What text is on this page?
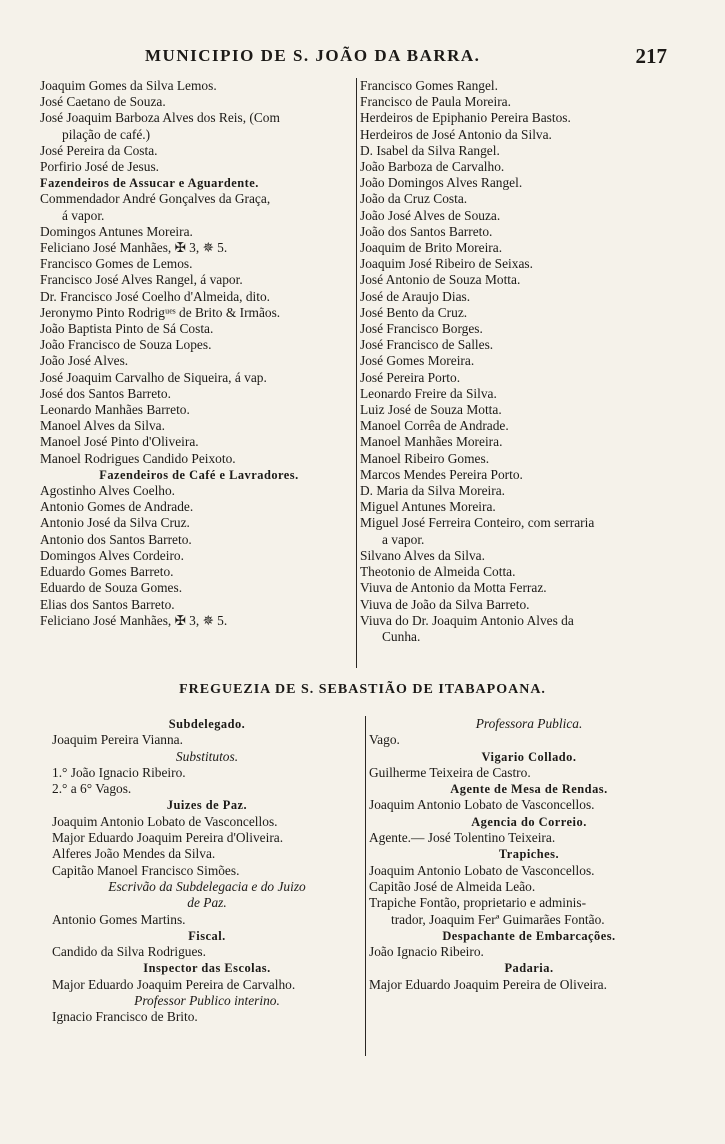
MUNICIPIO DE S. JOÃO DA BARRA.	217
Joaquim Gomes da Silva Lemos.
José Caetano de Souza.
José Joaquim Barboza Alves dos Reis, (Com
pilação de café.)
José Pereira da Costa.
Porfirio José de Jesus.
Fazendeiros de Assucar e Aguardente.
Commendador André Gonçalves da Graça,
á vapor.
Domingos Antunes Moreira.
Feliciano José Manhães, ✠ 3, ✵ 5.
Francisco Gomes de Lemos.
Francisco José Alves Rangel, á vapor.
Dr. Francisco José Coelho d'Almeida, dito.
Jeronymo Pinto Rodrigᵘᵉˢ de Brito & Irmãos.
João Baptista Pinto de Sá Costa.
João Francisco de Souza Lopes.
João José Alves.
José Joaquim Carvalho de Siqueira, á vap.
José dos Santos Barreto.
Leonardo Manhães Barreto.
Manoel Alves da Silva.
Manoel José Pinto d'Oliveira.
Manoel Rodrigues Candido Peixoto.
Fazendeiros de Café e Lavradores.
Agostinho Alves Coelho.
Antonio Gomes de Andrade.
Antonio José da Silva Cruz.
Antonio dos Santos Barreto.
Domingos Alves Cordeiro.
Eduardo Gomes Barreto.
Eduardo de Souza Gomes.
Elias dos Santos Barreto.
Feliciano José Manhães, ✠ 3, ✵ 5.
Francisco Gomes Rangel.
Francisco de Paula Moreira.
Herdeiros de Epiphanio Pereira Bastos.
Herdeiros de José Antonio da Silva.
D. Isabel da Silva Rangel.
João Barboza de Carvalho.
João Domingos Alves Rangel.
João da Cruz Costa.
João José Alves de Souza.
João dos Santos Barreto.
Joaquim de Brito Moreira.
Joaquim José Ribeiro de Seixas.
José Antonio de Souza Motta.
José de Araujo Dias.
José Bento da Cruz.
José Francisco Borges.
José Francisco de Salles.
José Gomes Moreira.
José Pereira Porto.
Leonardo Freire da Silva.
Luiz José de Souza Motta.
Manoel Corrêa de Andrade.
Manoel Manhães Moreira.
Manoel Ribeiro Gomes.
Marcos Mendes Pereira Porto.
D. Maria da Silva Moreira.
Miguel Antunes Moreira.
Miguel José Ferreira Conteiro, com serraria
a vapor.
Silvano Alves da Silva.
Theotonio de Almeida Cotta.
Viuva de Antonio da Motta Ferraz.
Viuva de João da Silva Barreto.
Viuva do Dr. Joaquim Antonio Alves da
Cunha.
FREGUEZIA DE S. SEBASTIÃO DE ITABAPOANA.
Subdelegado.
Joaquim Pereira Vianna.
Substitutos.
1.° João Ignacio Ribeiro.
2.° a 6° Vagos.
Juizes de Paz.
Joaquim Antonio Lobato de Vasconcellos.
Major Eduardo Joaquim Pereira d'Oliveira.
Alferes João Mendes da Silva.
Capitão Manoel Francisco Simões.
Escrivão da Subdelegacia e do Juizo
de Paz.
Antonio Gomes Martins.
Fiscal.
Candido da Silva Rodrigues.
Inspector das Escolas.
Major Eduardo Joaquim Pereira de Carvalho.
Professor Publico interino.
Ignacio Francisco de Brito.
Professora Publica.
Vago.
Vigario Collado.
Guilherme Teixeira de Castro.
Agente de Mesa de Rendas.
Joaquim Antonio Lobato de Vasconcellos.
Agencia do Correio.
Agente.— José Tolentino Teixeira.
Trapiches.
Joaquim Antonio Lobato de Vasconcellos.
Capitão José de Almeida Leão.
Trapiche Fontão, proprietario e adminis-
trador, Joaquim Ferª Guimarães Fontão.
Despachante de Embarcações.
João Ignacio Ribeiro.
Padaria.
Major Eduardo Joaquim Pereira de Oliveira.
